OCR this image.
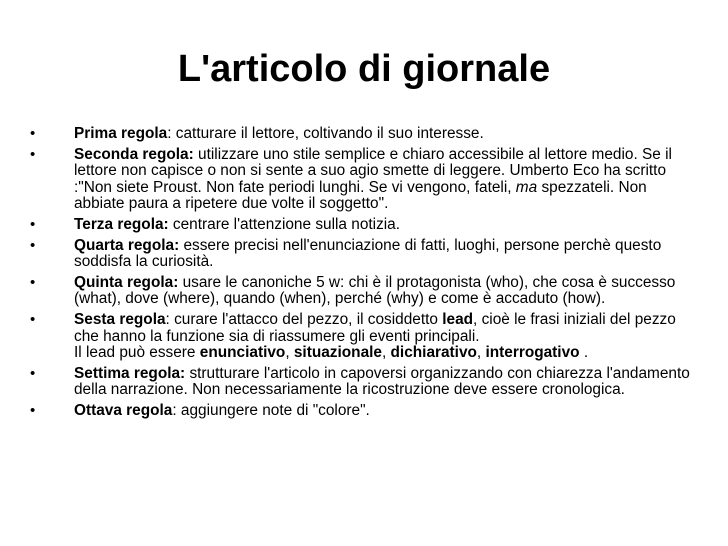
L'articolo di giornale
•	Prima regola: catturare il lettore, coltivando il suo interesse.
•	Seconda regola: utilizzare uno stile semplice e chiaro accessibile al lettore medio. Se il lettore non capisce o non si sente a suo agio smette di leggere. Umberto Eco ha scritto :"Non siete Proust. Non fate periodi lunghi. Se vi vengono, fateli, ma spezzateli. Non abbiate paura a ripetere due volte il soggetto".
•	Terza regola: centrare l'attenzione sulla notizia.
•	Quarta regola: essere precisi nell'enunciazione di fatti, luoghi, persone perchè questo soddisfa la curiosità.
•	Quinta regola: usare le canoniche 5 w: chi è il protagonista (who), che cosa è successo (what), dove (where), quando (when), perché (why) e come è accaduto (how).
•	Sesta regola: curare l'attacco del pezzo, il cosiddetto lead, cioè le frasi iniziali del pezzo che hanno la funzione sia di riassumere gli eventi principali.
Il lead può essere enunciativo, situazionale, dichiarativo, interrogativo .
•	Settima regola: strutturare l'articolo in capoversi organizzando con chiarezza l'andamento della narrazione. Non necessariamente la ricostruzione deve essere cronologica.
•	Ottava regola: aggiungere note di "colore".
